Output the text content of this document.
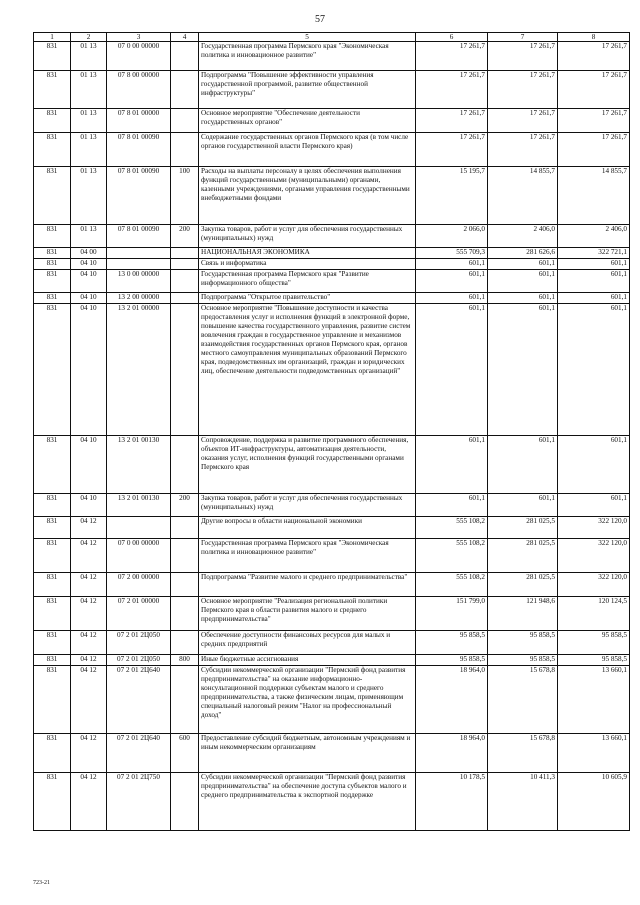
57
1	2	3	4	5	6	7	8
831	01 13	07 0 00 00000		Государственная программа Пермского края "Экономическая политика и инновационное развитие"	17 261,7	17 261,7	17 261,7
831	01 13	07 8 00 00000		Подпрограмма "Повышение эффективности управления государственной программой, развитие общественной инфраструктуры"	17 261,7	17 261,7	17 261,7
831	01 13	07 8 01 00000		Основное мероприятие "Обеспечение деятельности государственных органов"	17 261,7	17 261,7	17 261,7
831	01 13	07 8 01 00090		Содержание государственных органов Пермского края (в том числе органов государственной власти Пермского края)	17 261,7	17 261,7	17 261,7
831	01 13	07 8 01 00090	100	Расходы на выплаты персоналу в целях обеспечения выполнения функций государственными (муниципальными) органами, казенными учреждениями, органами управления государственными внебюджетными фондами	15 195,7	14 855,7	14 855,7
831	01 13	07 8 01 00090	200	Закупка товаров, работ и услуг для обеспечения государственных (муниципальных) нужд	2 066,0	2 406,0	2 406,0
831	04 00			НАЦИОНАЛЬНАЯ ЭКОНОМИКА	555 709,3	281 626,6	322 721,1
831	04 10			Связь и информатика	601,1	601,1	601,1
831	04 10	13 0 00 00000		Государственная программа Пермского края "Развитие информационного общества"	601,1	601,1	601,1
831	04 10	13 2 00 00000		Подпрограмма "Открытое правительство"	601,1	601,1	601,1
831	04 10	13 2 01 00000		Основное мероприятие "Повышение доступности и качества предоставления услуг и исполнения функций в электронной форме, повышение качества государственного управления, развитие систем вовлечения граждан в государственное управление и механизмов взаимодействия государственных органов Пермского края, органов местного самоуправления муниципальных образований Пермского края, подведомственных им организаций, граждан и юридических лиц, обеспечение деятельности подведомственных организаций"	601,1	601,1	601,1
831	04 10	13 2 01 00130		Сопровождение, поддержка и развитие программного обеспечения, объектов ИТ-инфраструктуры, автоматизация деятельности, оказания услуг, исполнения функций государственными органами Пермского края	601,1	601,1	601,1
831	04 10	13 2 01 00130	200	Закупка товаров, работ и услуг для обеспечения государственных (муниципальных) нужд	601,1	601,1	601,1
831	04 12			Другие вопросы в области национальной экономики	555 108,2	281 025,5	322 120,0
831	04 12	07 0 00 00000		Государственная программа Пермского края "Экономическая политика и инновационное развитие"	555 108,2	281 025,5	322 120,0
831	04 12	07 2 00 00000		Подпрограмма "Развитие малого и среднего предпринимательства"	555 108,2	281 025,5	322 120,0
831	04 12	07 2 01 00000		Основное мероприятие "Реализация региональной политики Пермского края в области развития малого и среднего предпринимательства"	151 799,0	121 948,6	120 124,5
831	04 12	07 2 01 2Ц050		Обеспечение доступности финансовых ресурсов для малых и средних предприятий	95 858,5	95 858,5	95 858,5
831	04 12	07 2 01 2Ц050	800	Иные бюджетные ассигнования	95 858,5	95 858,5	95 858,5
831	04 12	07 2 01 2Ц640		Субсидии некоммерческой организации "Пермский фонд развития предпринимательства" на оказание информационно-консультационной поддержки субъектам малого и среднего предпринимательства, а также физическим лицам, применяющим специальный налоговый режим "Налог на профессиональный доход"	18 964,0	15 678,8	13 660,1
831	04 12	07 2 01 2Ц640	600	Предоставление субсидий бюджетным, автономным учреждениям и иным некоммерческим организациям	18 964,0	15 678,8	13 660,1
831	04 12	07 2 01 2Ц750		Субсидии некоммерческой организации "Пермский фонд развития предпринимательства" на обеспечение доступа субъектов малого и среднего предпринимательства к экспортной поддержке	10 178,5	10 411,3	10 605,9
723-21
